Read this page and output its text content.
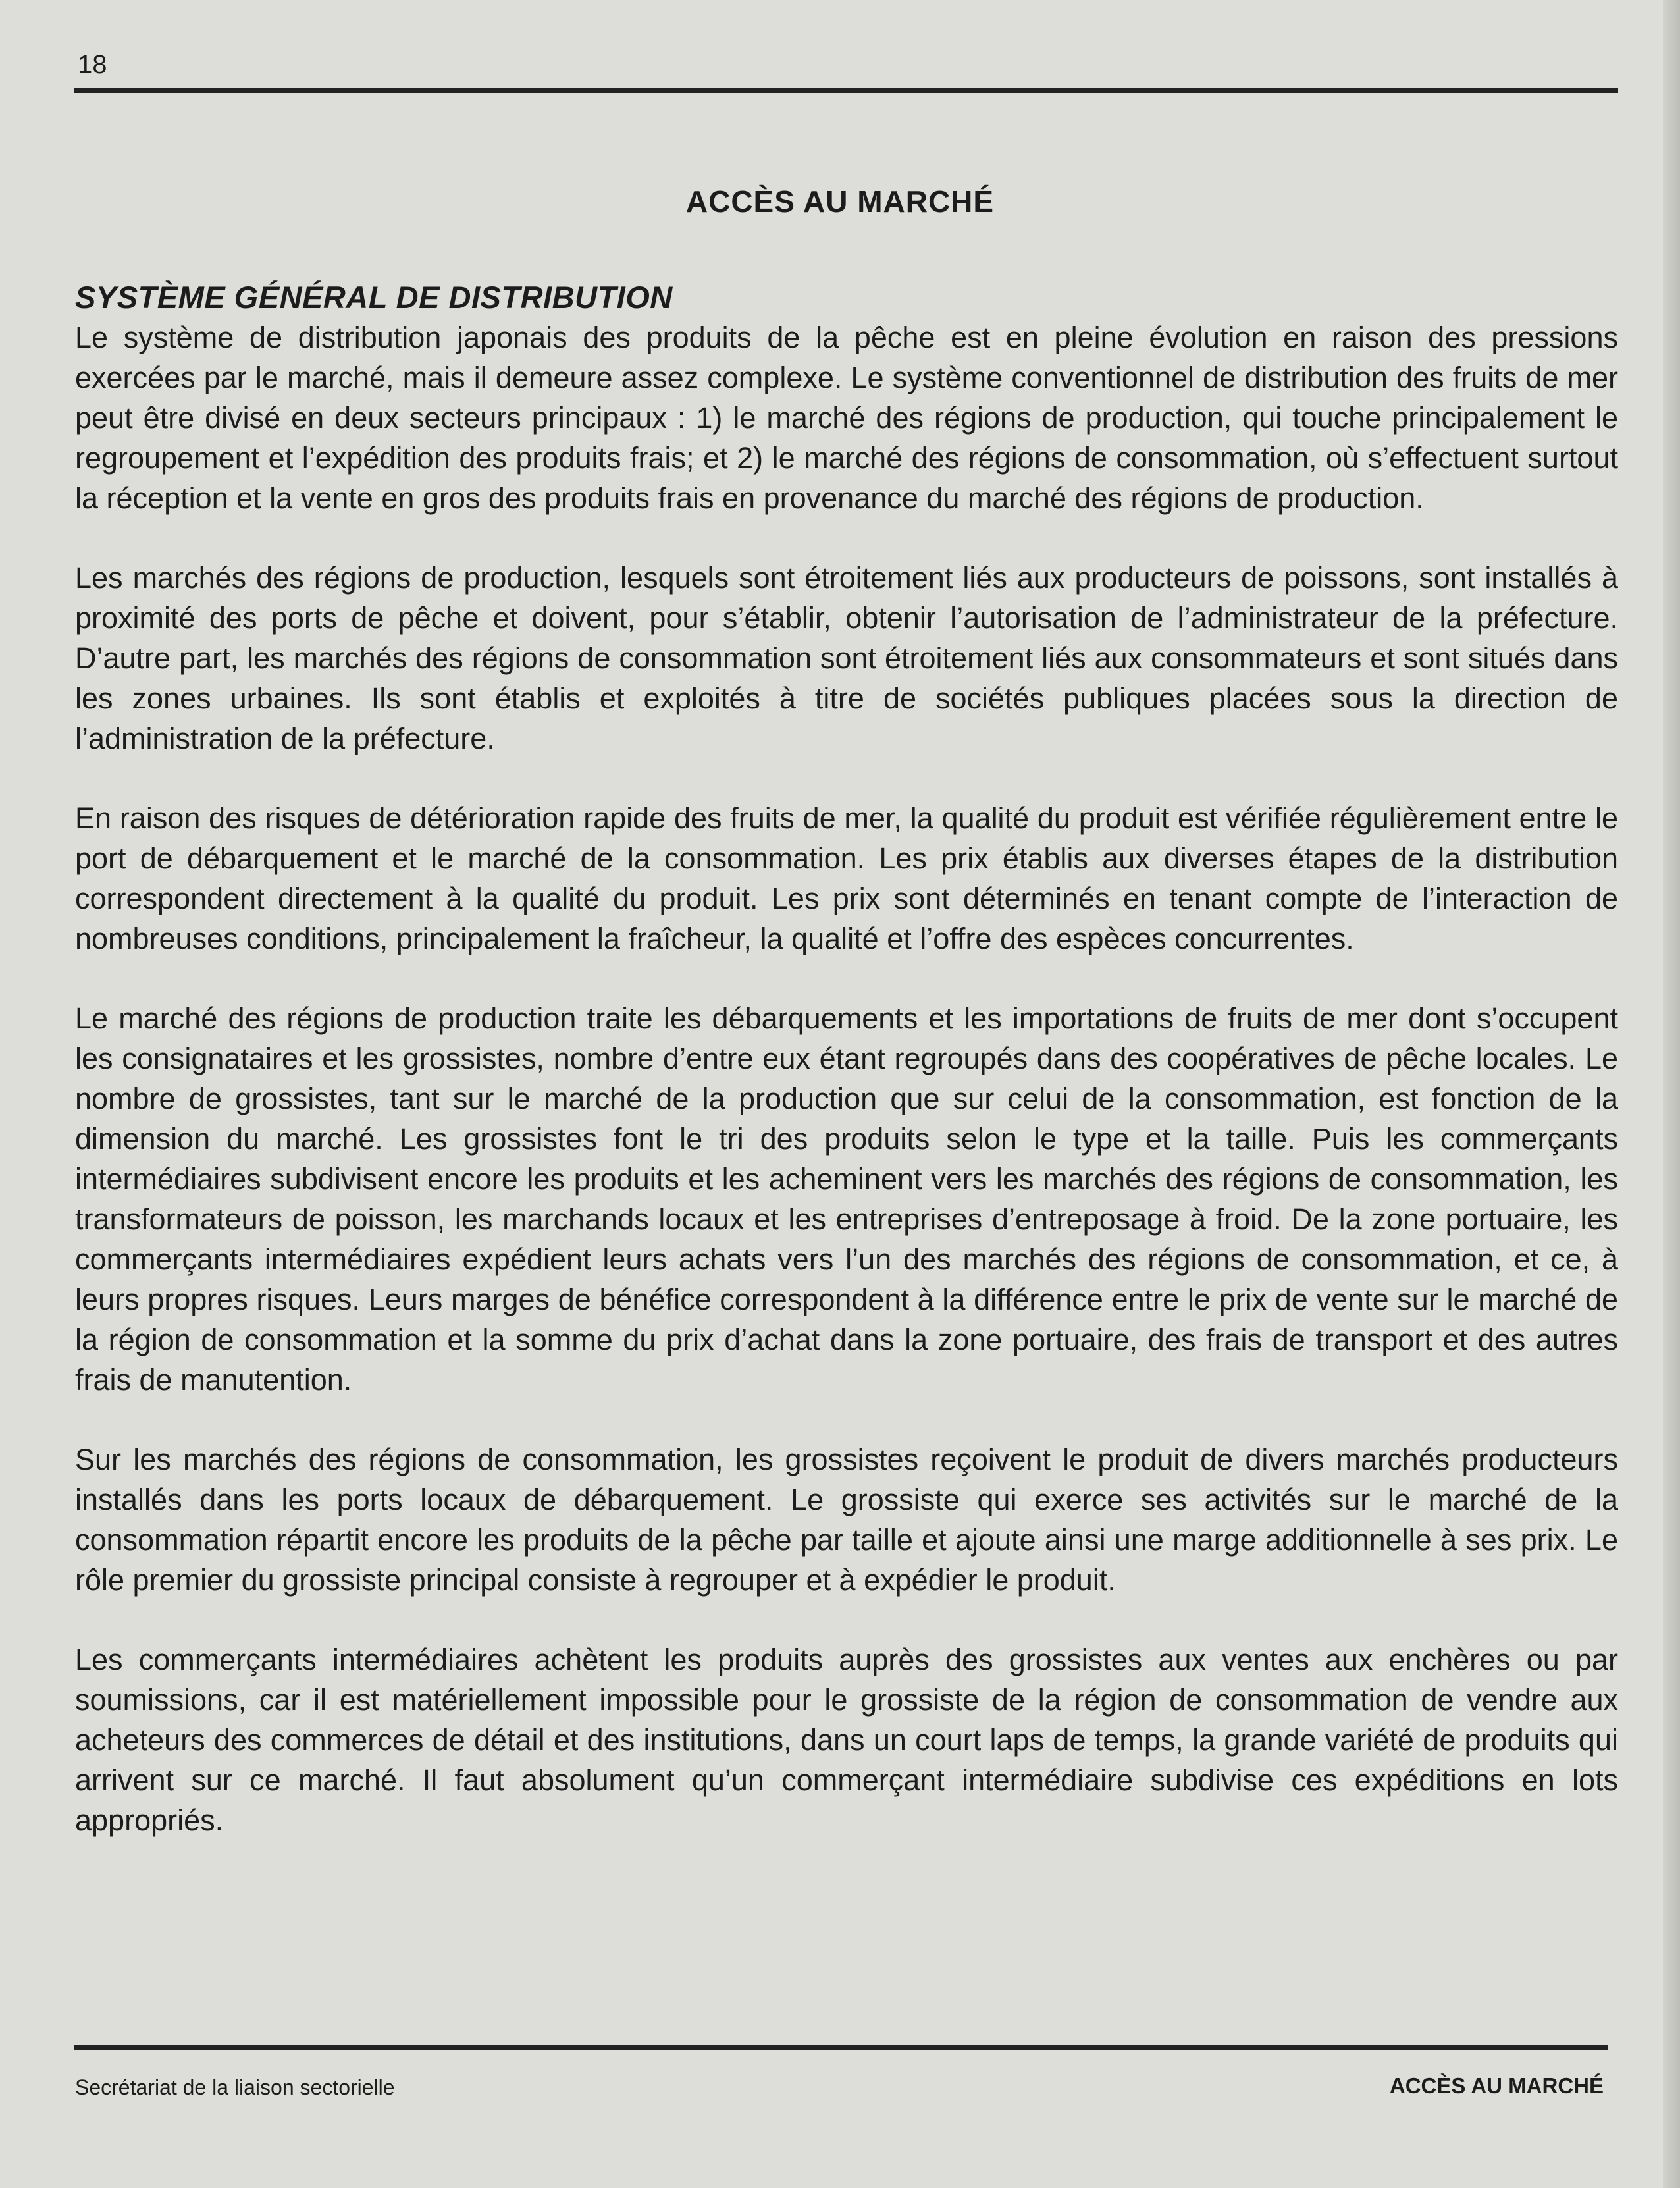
18
ACCÈS AU MARCHÉ
SYSTÈME GÉNÉRAL DE DISTRIBUTION

Le système de distribution japonais des produits de la pêche est en pleine évolution en raison des pressions exercées par le marché, mais il demeure assez complexe. Le système conventionnel de distribution des fruits de mer peut être divisé en deux secteurs principaux : 1) le marché des régions de production, qui touche principalement le regroupement et l’expédition des produits frais; et 2) le marché des régions de consommation, où s’effectuent surtout la réception et la vente en gros des produits frais en provenance du marché des régions de production.

Les marchés des régions de production, lesquels sont étroitement liés aux producteurs de poissons, sont installés à proximité des ports de pêche et doivent, pour s’établir, obtenir l’autorisation de l’administrateur de la préfecture. D’autre part, les marchés des régions de consommation sont étroitement liés aux consommateurs et sont situés dans les zones urbaines. Ils sont établis et exploités à titre de sociétés publiques placées sous la direction de l’administration de la préfecture.

En raison des risques de détérioration rapide des fruits de mer, la qualité du produit est vérifiée régulièrement entre le port de débarquement et le marché de la consommation. Les prix établis aux diverses étapes de la distribution correspondent directement à la qualité du produit. Les prix sont déterminés en tenant compte de l’interaction de nombreuses conditions, principalement la fraîcheur, la qualité et l’offre des espèces concurrentes.

Le marché des régions de production traite les débarquements et les importations de fruits de mer dont s’occupent les consignataires et les grossistes, nombre d’entre eux étant regroupés dans des coopératives de pêche locales. Le nombre de grossistes, tant sur le marché de la production que sur celui de la consommation, est fonction de la dimension du marché. Les grossistes font le tri des produits selon le type et la taille. Puis les commerçants intermédiaires subdivisent encore les produits et les acheminent vers les marchés des régions de consommation, les transformateurs de poisson, les marchands locaux et les entreprises d’entreposage à froid. De la zone portuaire, les commerçants intermédiaires expédient leurs achats vers l’un des marchés des régions de consommation, et ce, à leurs propres risques. Leurs marges de bénéfice correspondent à la différence entre le prix de vente sur le marché de la région de consommation et la somme du prix d’achat dans la zone portuaire, des frais de transport et des autres frais de manutention.

Sur les marchés des régions de consommation, les grossistes reçoivent le produit de divers marchés producteurs installés dans les ports locaux de débarquement. Le grossiste qui exerce ses activités sur le marché de la consommation répartit encore les produits de la pêche par taille et ajoute ainsi une marge additionnelle à ses prix. Le rôle premier du grossiste principal consiste à regrouper et à expédier le produit.

Les commerçants intermédiaires achètent les produits auprès des grossistes aux ventes aux enchères ou par soumissions, car il est matériellement impossible pour le grossiste de la région de consommation de vendre aux acheteurs des commerces de détail et des institutions, dans un court laps de temps, la grande variété de produits qui arrivent sur ce marché. Il faut absolument qu’un commerçant intermédiaire subdivise ces expéditions en lots appropriés.

Secrétariat de la liaison sectorielle	ACCÈS AU MARCHÉ
